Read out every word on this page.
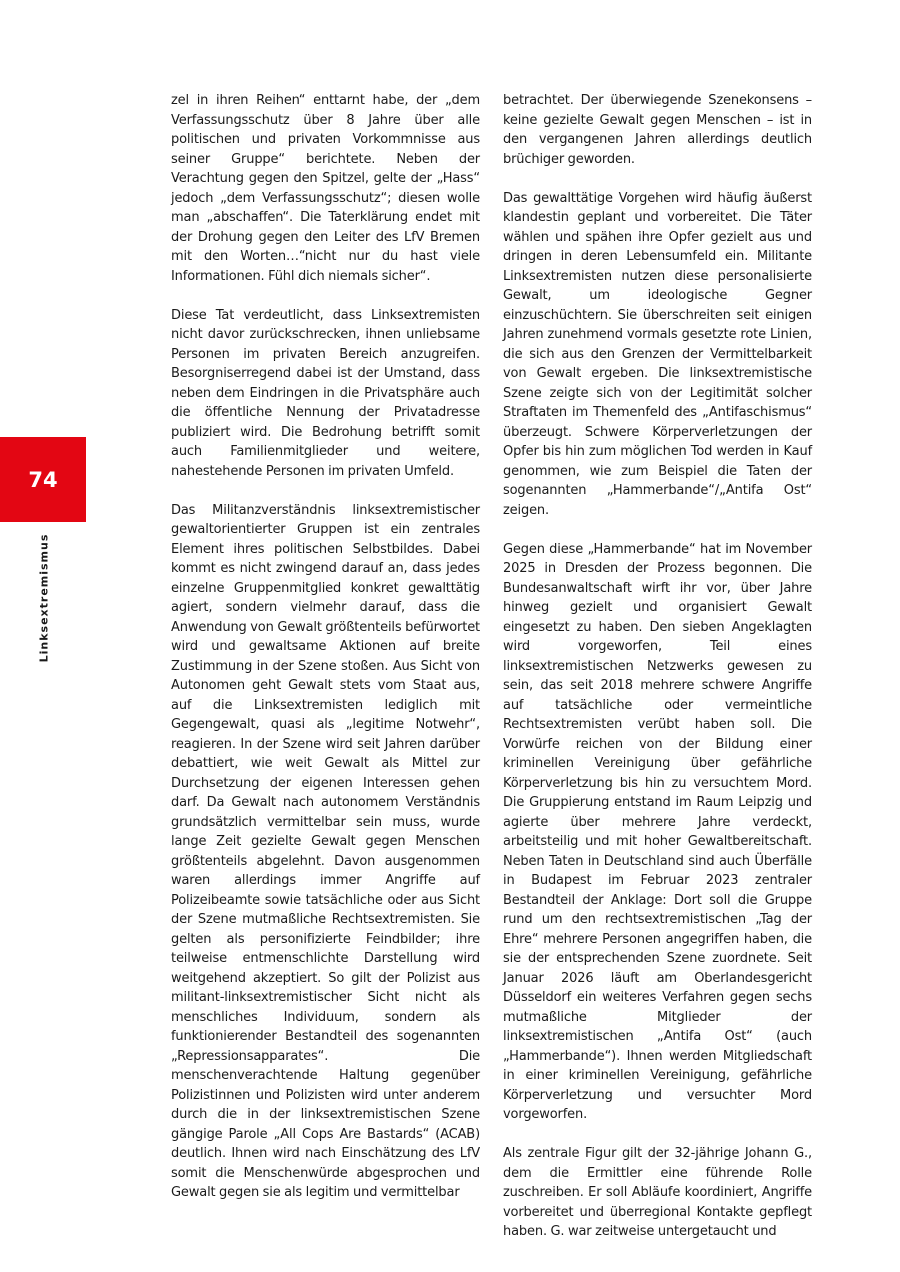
74
Linksextremismus

zel in ihren Reihen“ enttarnt habe, der „dem Verfassungsschutz über 8 Jahre über alle politischen und privaten Vorkommnisse aus seiner Gruppe“ berichtete. Neben der Verachtung gegen den Spitzel, gelte der „Hass“ jedoch „dem Verfassungsschutz“; diesen wolle man „abschaffen“. Die Taterklärung endet mit der Drohung gegen den Leiter des LfV Bremen mit den Worten…“nicht nur du hast viele Informationen. Fühl dich niemals sicher“.

Diese Tat verdeutlicht, dass Linksextremisten nicht davor zurückschrecken, ihnen unliebsame Personen im privaten Bereich anzugreifen. Besorgniserregend dabei ist der Umstand, dass neben dem Eindringen in die Privatsphäre auch die öffentliche Nennung der Privatadresse publiziert wird. Die Bedrohung betrifft somit auch Familienmitglieder und weitere, nahestehende Personen im privaten Umfeld.

Das Militanzverständnis linksextremistischer gewaltorientierter Gruppen ist ein zentrales Element ihres politischen Selbstbildes. Dabei kommt es nicht zwingend darauf an, dass jedes einzelne Gruppenmitglied konkret gewalttätig agiert, sondern vielmehr darauf, dass die Anwendung von Gewalt größtenteils befürwortet wird und gewaltsame Aktionen auf breite Zustimmung in der Szene stoßen. Aus Sicht von Autonomen geht Gewalt stets vom Staat aus, auf die Linksextremisten lediglich mit Gegengewalt, quasi als „legitime Notwehr“, reagieren. In der Szene wird seit Jahren darüber debattiert, wie weit Gewalt als Mittel zur Durchsetzung der eigenen Interessen gehen darf. Da Gewalt nach autonomem Verständnis grundsätzlich vermittelbar sein muss, wurde lange Zeit gezielte Gewalt gegen Menschen größtenteils abgelehnt. Davon ausgenommen waren allerdings immer Angriffe auf Polizeibeamte sowie tatsächliche oder aus Sicht der Szene mutmaßliche Rechtsextremisten. Sie gelten als personifizierte Feindbilder; ihre teilweise entmenschlichte Darstellung wird weitgehend akzeptiert. So gilt der Polizist aus militant-linksextremistischer Sicht nicht als menschliches Individuum, sondern als funktionierender Bestandteil des sogenannten „Repressionsapparates“. Die menschenverachtende Haltung gegenüber Polizistinnen und Polizisten wird unter anderem durch die in der linksextremistischen Szene gängige Parole „All Cops Are Bastards“ (ACAB) deutlich. Ihnen wird nach Einschätzung des LfV somit die Menschenwürde abgesprochen und Gewalt gegen sie als legitim und vermittelbar

betrachtet. Der überwiegende Szenekonsens – keine gezielte Gewalt gegen Menschen – ist in den vergangenen Jahren allerdings deutlich brüchiger geworden.

Das gewalttätige Vorgehen wird häufig äußerst klandestin geplant und vorbereitet. Die Täter wählen und spähen ihre Opfer gezielt aus und dringen in deren Lebensumfeld ein. Militante Linksextremisten nutzen diese personalisierte Gewalt, um ideologische Gegner einzuschüchtern. Sie überschreiten seit einigen Jahren zunehmend vormals gesetzte rote Linien, die sich aus den Grenzen der Vermittelbarkeit von Gewalt ergeben. Die linksextremistische Szene zeigte sich von der Legitimität solcher Straftaten im Themenfeld des „Antifaschismus“ überzeugt. Schwere Körperverletzungen der Opfer bis hin zum möglichen Tod werden in Kauf genommen, wie zum Beispiel die Taten der sogenannten „Hammerbande“/„Antifa Ost“ zeigen.

Gegen diese „Hammerbande“ hat im November 2025 in Dresden der Prozess begonnen. Die Bundesanwaltschaft wirft ihr vor, über Jahre hinweg gezielt und organisiert Gewalt eingesetzt zu haben. Den sieben Angeklagten wird vorgeworfen, Teil eines linksextremistischen Netzwerks gewesen zu sein, das seit 2018 mehrere schwere Angriffe auf tatsächliche oder vermeintliche Rechtsextremisten verübt haben soll. Die Vorwürfe reichen von der Bildung einer kriminellen Vereinigung über gefährliche Körperverletzung bis hin zu versuchtem Mord. Die Gruppierung entstand im Raum Leipzig und agierte über mehrere Jahre verdeckt, arbeitsteilig und mit hoher Gewaltbereitschaft. Neben Taten in Deutschland sind auch Überfälle in Budapest im Februar 2023 zentraler Bestandteil der Anklage: Dort soll die Gruppe rund um den rechtsextremistischen „Tag der Ehre“ mehrere Personen angegriffen haben, die sie der entsprechenden Szene zuordnete. Seit Januar 2026 läuft am Oberlandesgericht Düsseldorf ein weiteres Verfahren gegen sechs mutmaßliche Mitglieder der linksextremistischen „Antifa Ost“ (auch „Hammerbande“). Ihnen werden Mitgliedschaft in einer kriminellen Vereinigung, gefährliche Körperverletzung und versuchter Mord vorgeworfen.

Als zentrale Figur gilt der 32-jährige Johann G., dem die Ermittler eine führende Rolle zuschreiben. Er soll Abläufe koordiniert, Angriffe vorbereitet und überregional Kontakte gepflegt haben. G. war zeitweise untergetaucht und
